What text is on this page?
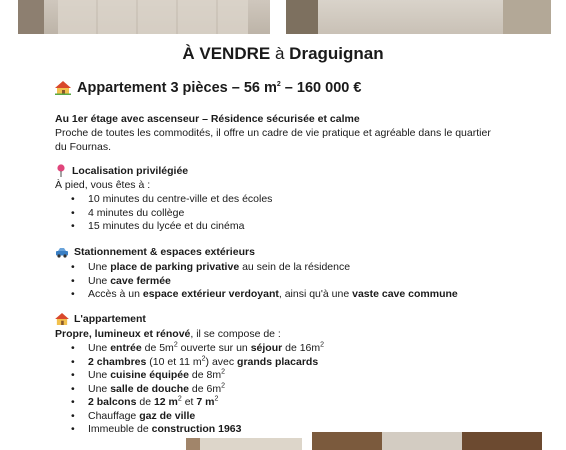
À VENDRE à Draguignan
Appartement 3 pièces – 56 $m^2 - 160$ 000 €
Au 1er étage avec ascenseur – Résidence sécurisée et calme
Proche de toutes les commodités, il offre un cadre de vie pratique et agréable dans le quartier
du Fournas.
Localisation privilégiée
À pied, vous êtes à :
• 10 minutes du centre-ville et des écoles
• 4 minutes du collège
• 15 minutes du lycée et du cinéma
Stationnement & espaces extérieurs
• Une place de parking privative au sein de la résidence
• Une cave fermée
• Accès à un espace extérieur verdoyant, ainsi qu'à une vaste cave commune
L'appartement
Propre, lumineux et rénové, il se compose de :
• Une entrée de $5m^2$ ouverte sur un séjour de $16m^2$
• 2 chambres (10 et 11 $m^2$) avec grands placards
• Une cuisine équipée de $8m^2$
• Une salle de douche de $6m^2$
• 2 balcons de 12 $m^2$ et 7 $m^2$
• Chauffage gaz de ville
• Immeuble de construction 1963
